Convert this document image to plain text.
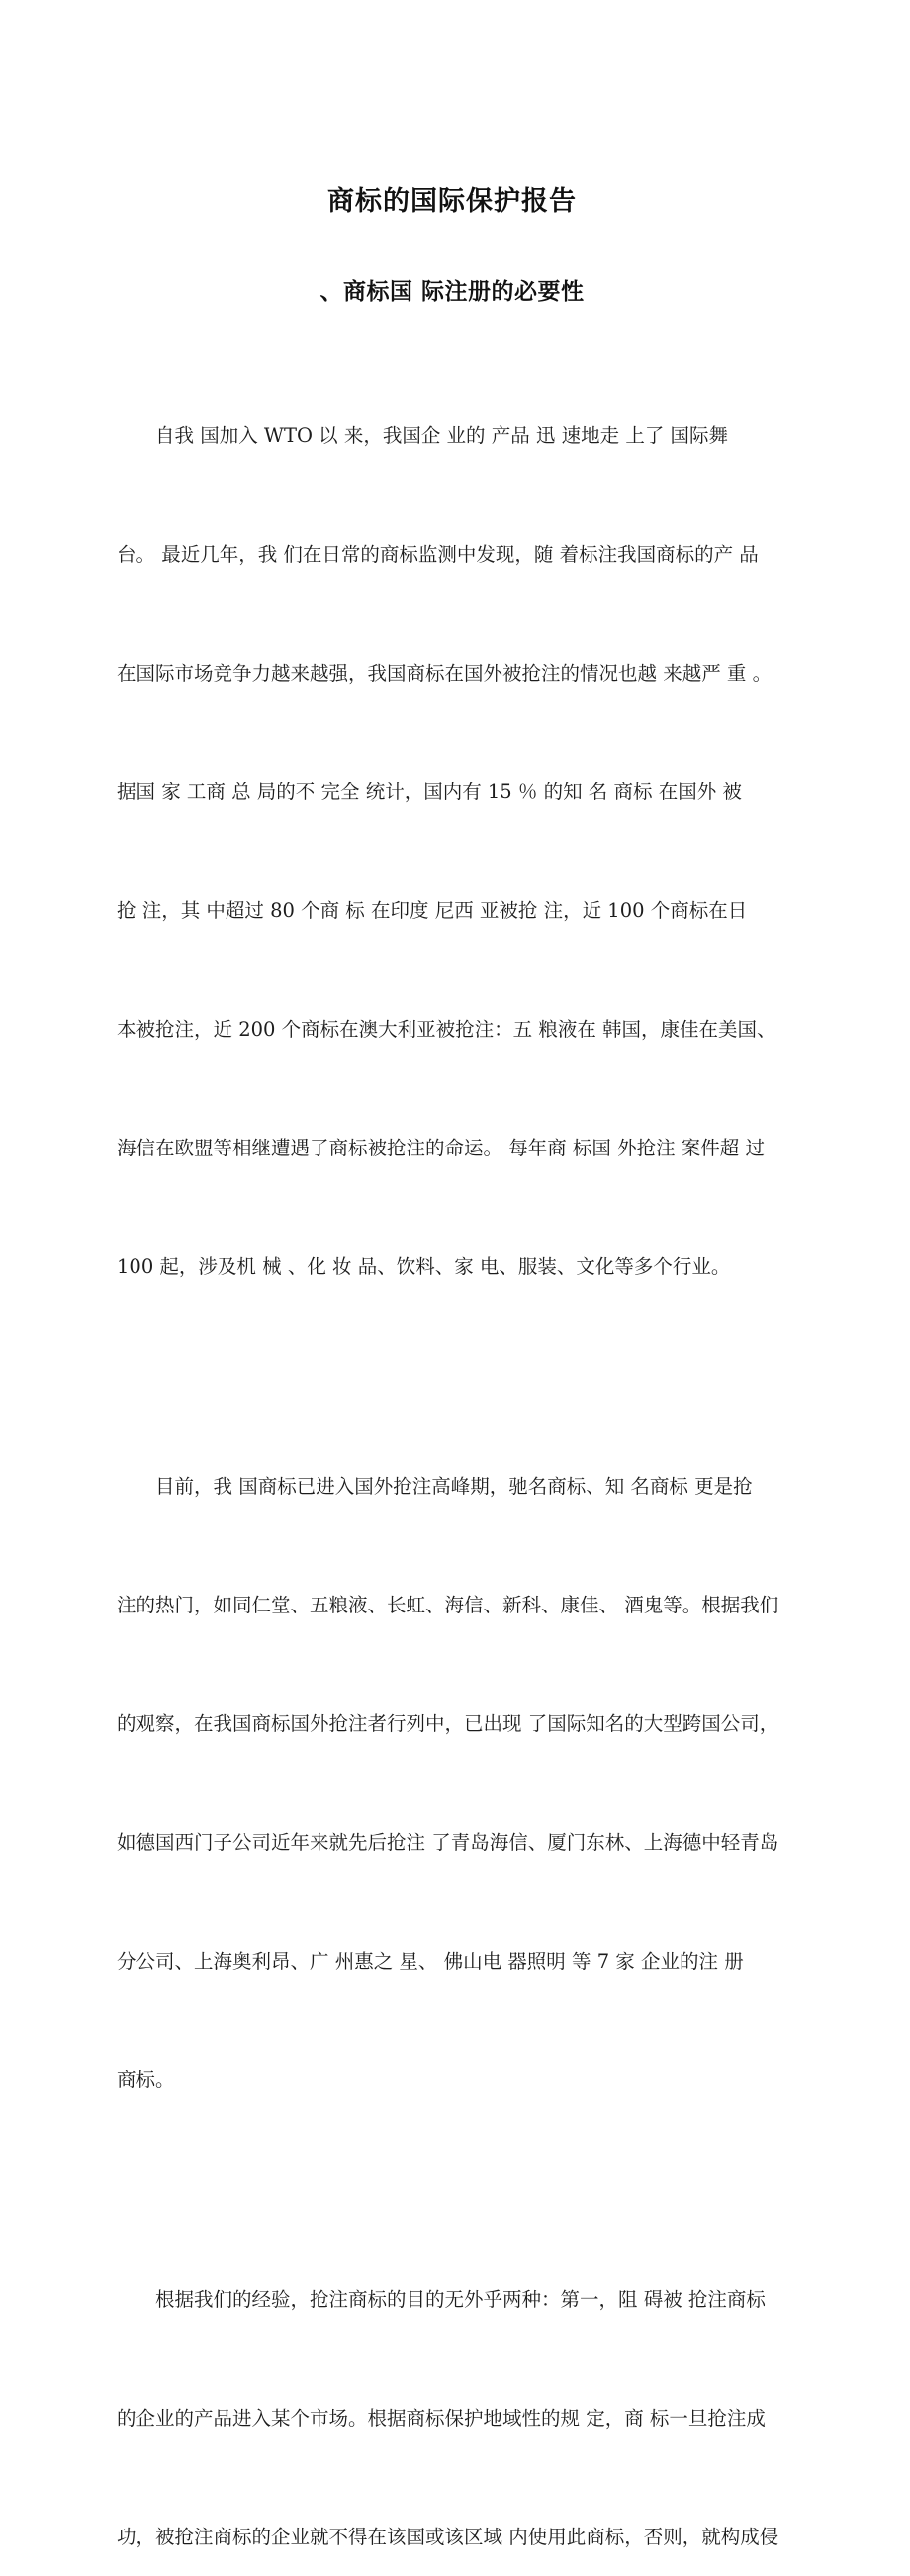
商标的国际保护报告
、商标国 际注册的必要性

　　自我 国加入 WTO 以 来，我国企 业的 产品 迅 速地走 上了 国际舞

台。 最近几年，我 们在日常的商标监测中发现，随 着标注我国商标的产 品

在国际市场竞争力越来越强，我国商标在国外被抢注的情况也越 来越严 重 。

据国 家 工商 总 局的不 完全 统计，国内有 15 ％ 的知 名 商标 在国外 被

抢 注，其 中超过 80 个商 标 在印度 尼西 亚被抢 注，近 100 个商标在日

本被抢注，近 200 个商标在澳大利亚被抢注：五 粮液在 韩国，康佳在美国、

海信在欧盟等相继遭遇了商标被抢注的命运。 每年商 标国 外抢注 案件超 过

100 起，涉及机 械 、化 妆 品、饮料、家 电、服装、文化等多个行业。

　　目前，我 国商标已进入国外抢注高峰期，驰名商标、知 名商标 更是抢

注的热门，如同仁堂、五粮液、长虹、海信、新科、康佳、 酒鬼等。根据我们

的观察，在我国商标国外抢注者行列中，已出现 了国际知名的大型跨国公司，

如德国西门子公司近年来就先后抢注 了青岛海信、厦门东林、上海德中轻青岛

分公司、上海奥利昂、广 州惠之 星、 佛山电 器照明 等 7 家 企业的注 册

商标。

　　根据我们的经验，抢注商标的目的无外乎两种：第一，阻 碍被 抢注商标

的企业的产品进入某个市场。根据商标保护地域性的规 定，商 标一旦抢注成

功，被抢注商标的企业就不得在该国或该区域 内使用此商标，否则，就构成侵
